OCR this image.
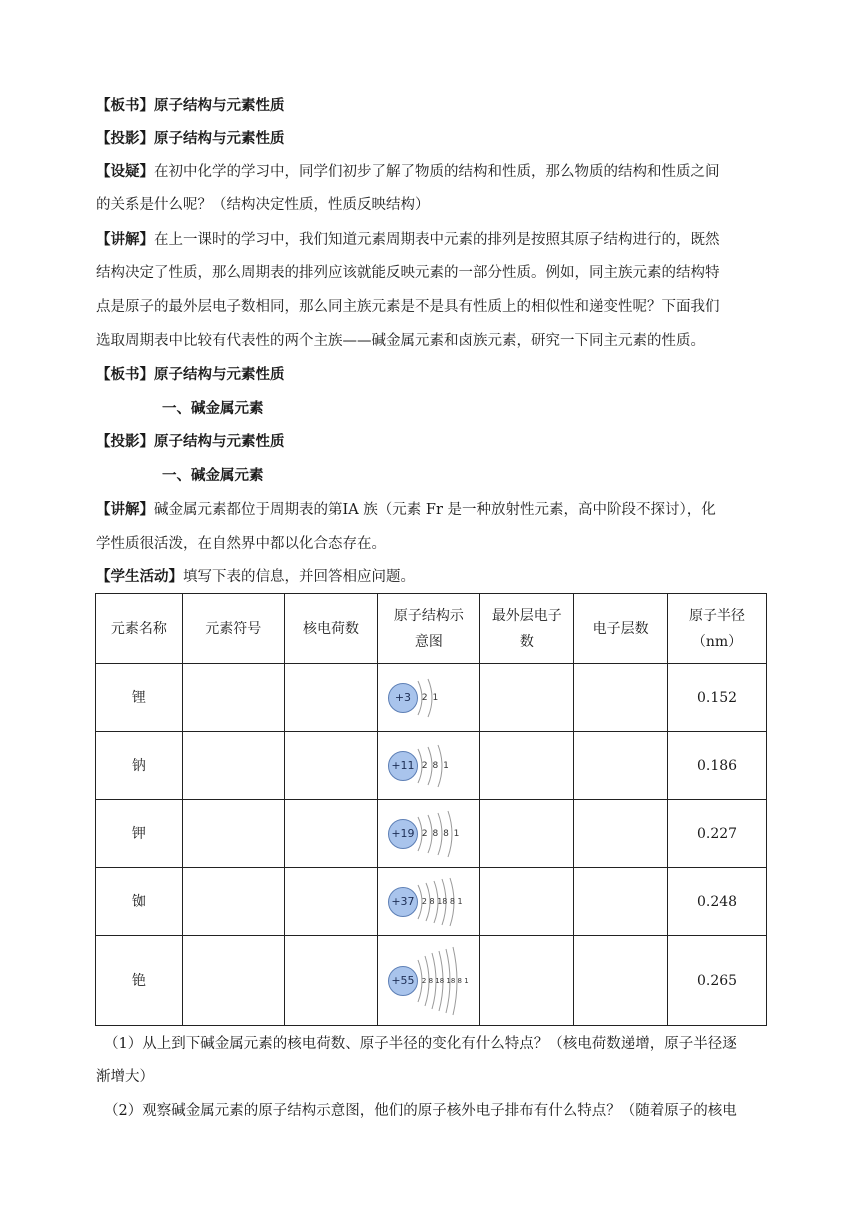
【板书】原子结构与元素性质
【投影】原子结构与元素性质
【设疑】在初中化学的学习中，同学们初步了解了物质的结构和性质，那么物质的结构和性质之间
的关系是什么呢？（结构决定性质，性质反映结构）
【讲解】在上一课时的学习中，我们知道元素周期表中元素的排列是按照其原子结构进行的，既然
结构决定了性质，那么周期表的排列应该就能反映元素的一部分性质。例如，同主族元素的结构特
点是原子的最外层电子数相同，那么同主族元素是不是具有性质上的相似性和递变性呢？下面我们
选取周期表中比较有代表性的两个主族——碱金属元素和卤族元素，研究一下同主元素的性质。
【板书】原子结构与元素性质
一、碱金属元素
【投影】原子结构与元素性质
一、碱金属元素
【讲解】碱金属元素都位于周期表的第ⅠA 族（元素 Fr 是一种放射性元素，高中阶段不探讨），化
学性质很活泼，在自然界中都以化合态存在。
【学生活动】填写下表的信息，并回答相应问题。
元素名称	元素符号	核电荷数	原子结构示
意图	最外层电子
数	电子层数	原子半径
（nm）
锂			+3 2 1			0.152
钠			+11 2 8 1			0.186
钾			+19 2 8 8 1			0.227
铷			+37 2 8 18 8 1			0.248
铯			+55 2 8 18 18 8 1			0.265
（1）从上到下碱金属元素的核电荷数、原子半径的变化有什么特点？（核电荷数递增，原子半径逐
渐增大）
（2）观察碱金属元素的原子结构示意图，他们的原子核外电子排布有什么特点？（随着原子的核电
